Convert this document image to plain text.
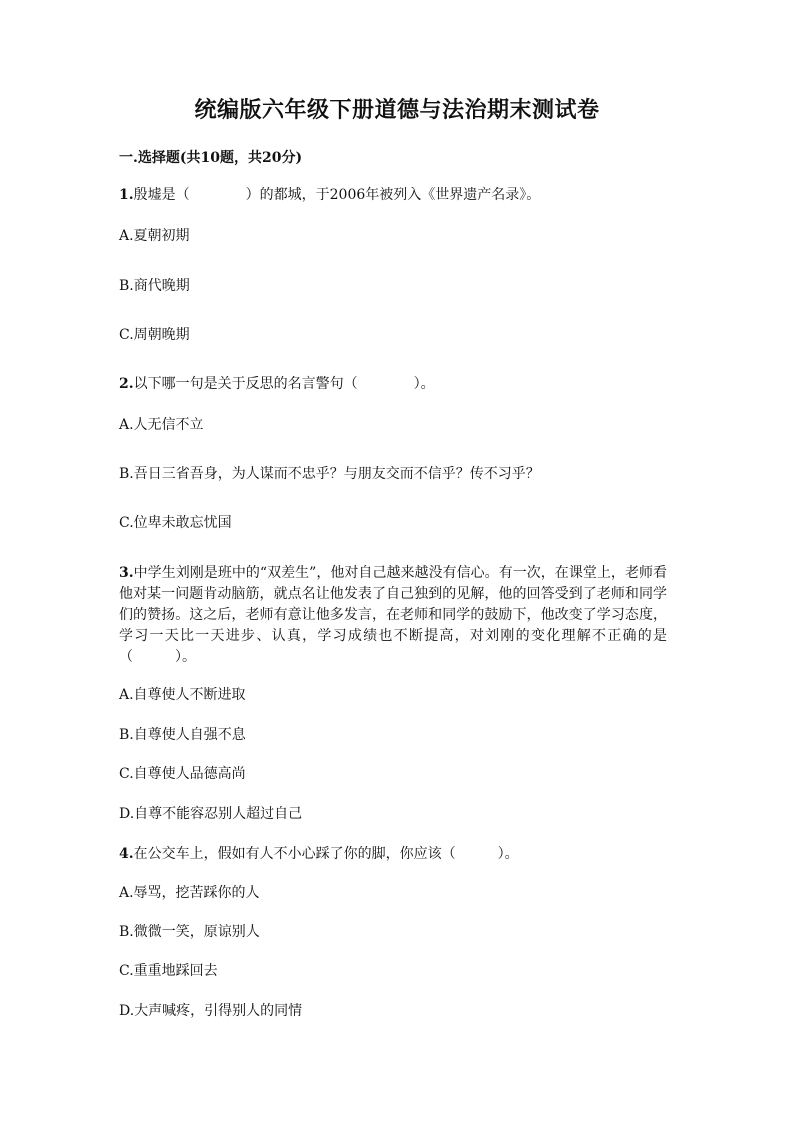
统编版六年级下册道德与法治期末测试卷
一.选择题(共10题，共20分)
1.殷墟是（　　　　）的都城，于2006年被列入《世界遗产名录》。
A.夏朝初期
B.商代晚期
C.周朝晚期
2.以下哪一句是关于反思的名言警句（　　　　）。
A.人无信不立
B.吾日三省吾身，为人谋而不忠乎？与朋友交而不信乎？传不习乎？
C.位卑未敢忘忧国
3.中学生刘刚是班中的“双差生”，他对自己越来越没有信心。有一次，在课堂上，老师看他对某一问题肯动脑筋，就点名让他发表了自己独到的见解，他的回答受到了老师和同学们的赞扬。这之后，老师有意让他多发言，在老师和同学的鼓励下，他改变了学习态度，学习一天比一天进步、认真，学习成绩也不断提高，对刘刚的变化理解不正确的是（　　　）。
A.自尊使人不断进取
B.自尊使人自强不息
C.自尊使人品德高尚
D.自尊不能容忍别人超过自己
4.在公交车上，假如有人不小心踩了你的脚，你应该（　　　）。
A.辱骂，挖苦踩你的人
B.微微一笑，原谅别人
C.重重地踩回去
D.大声喊疼，引得别人的同情
